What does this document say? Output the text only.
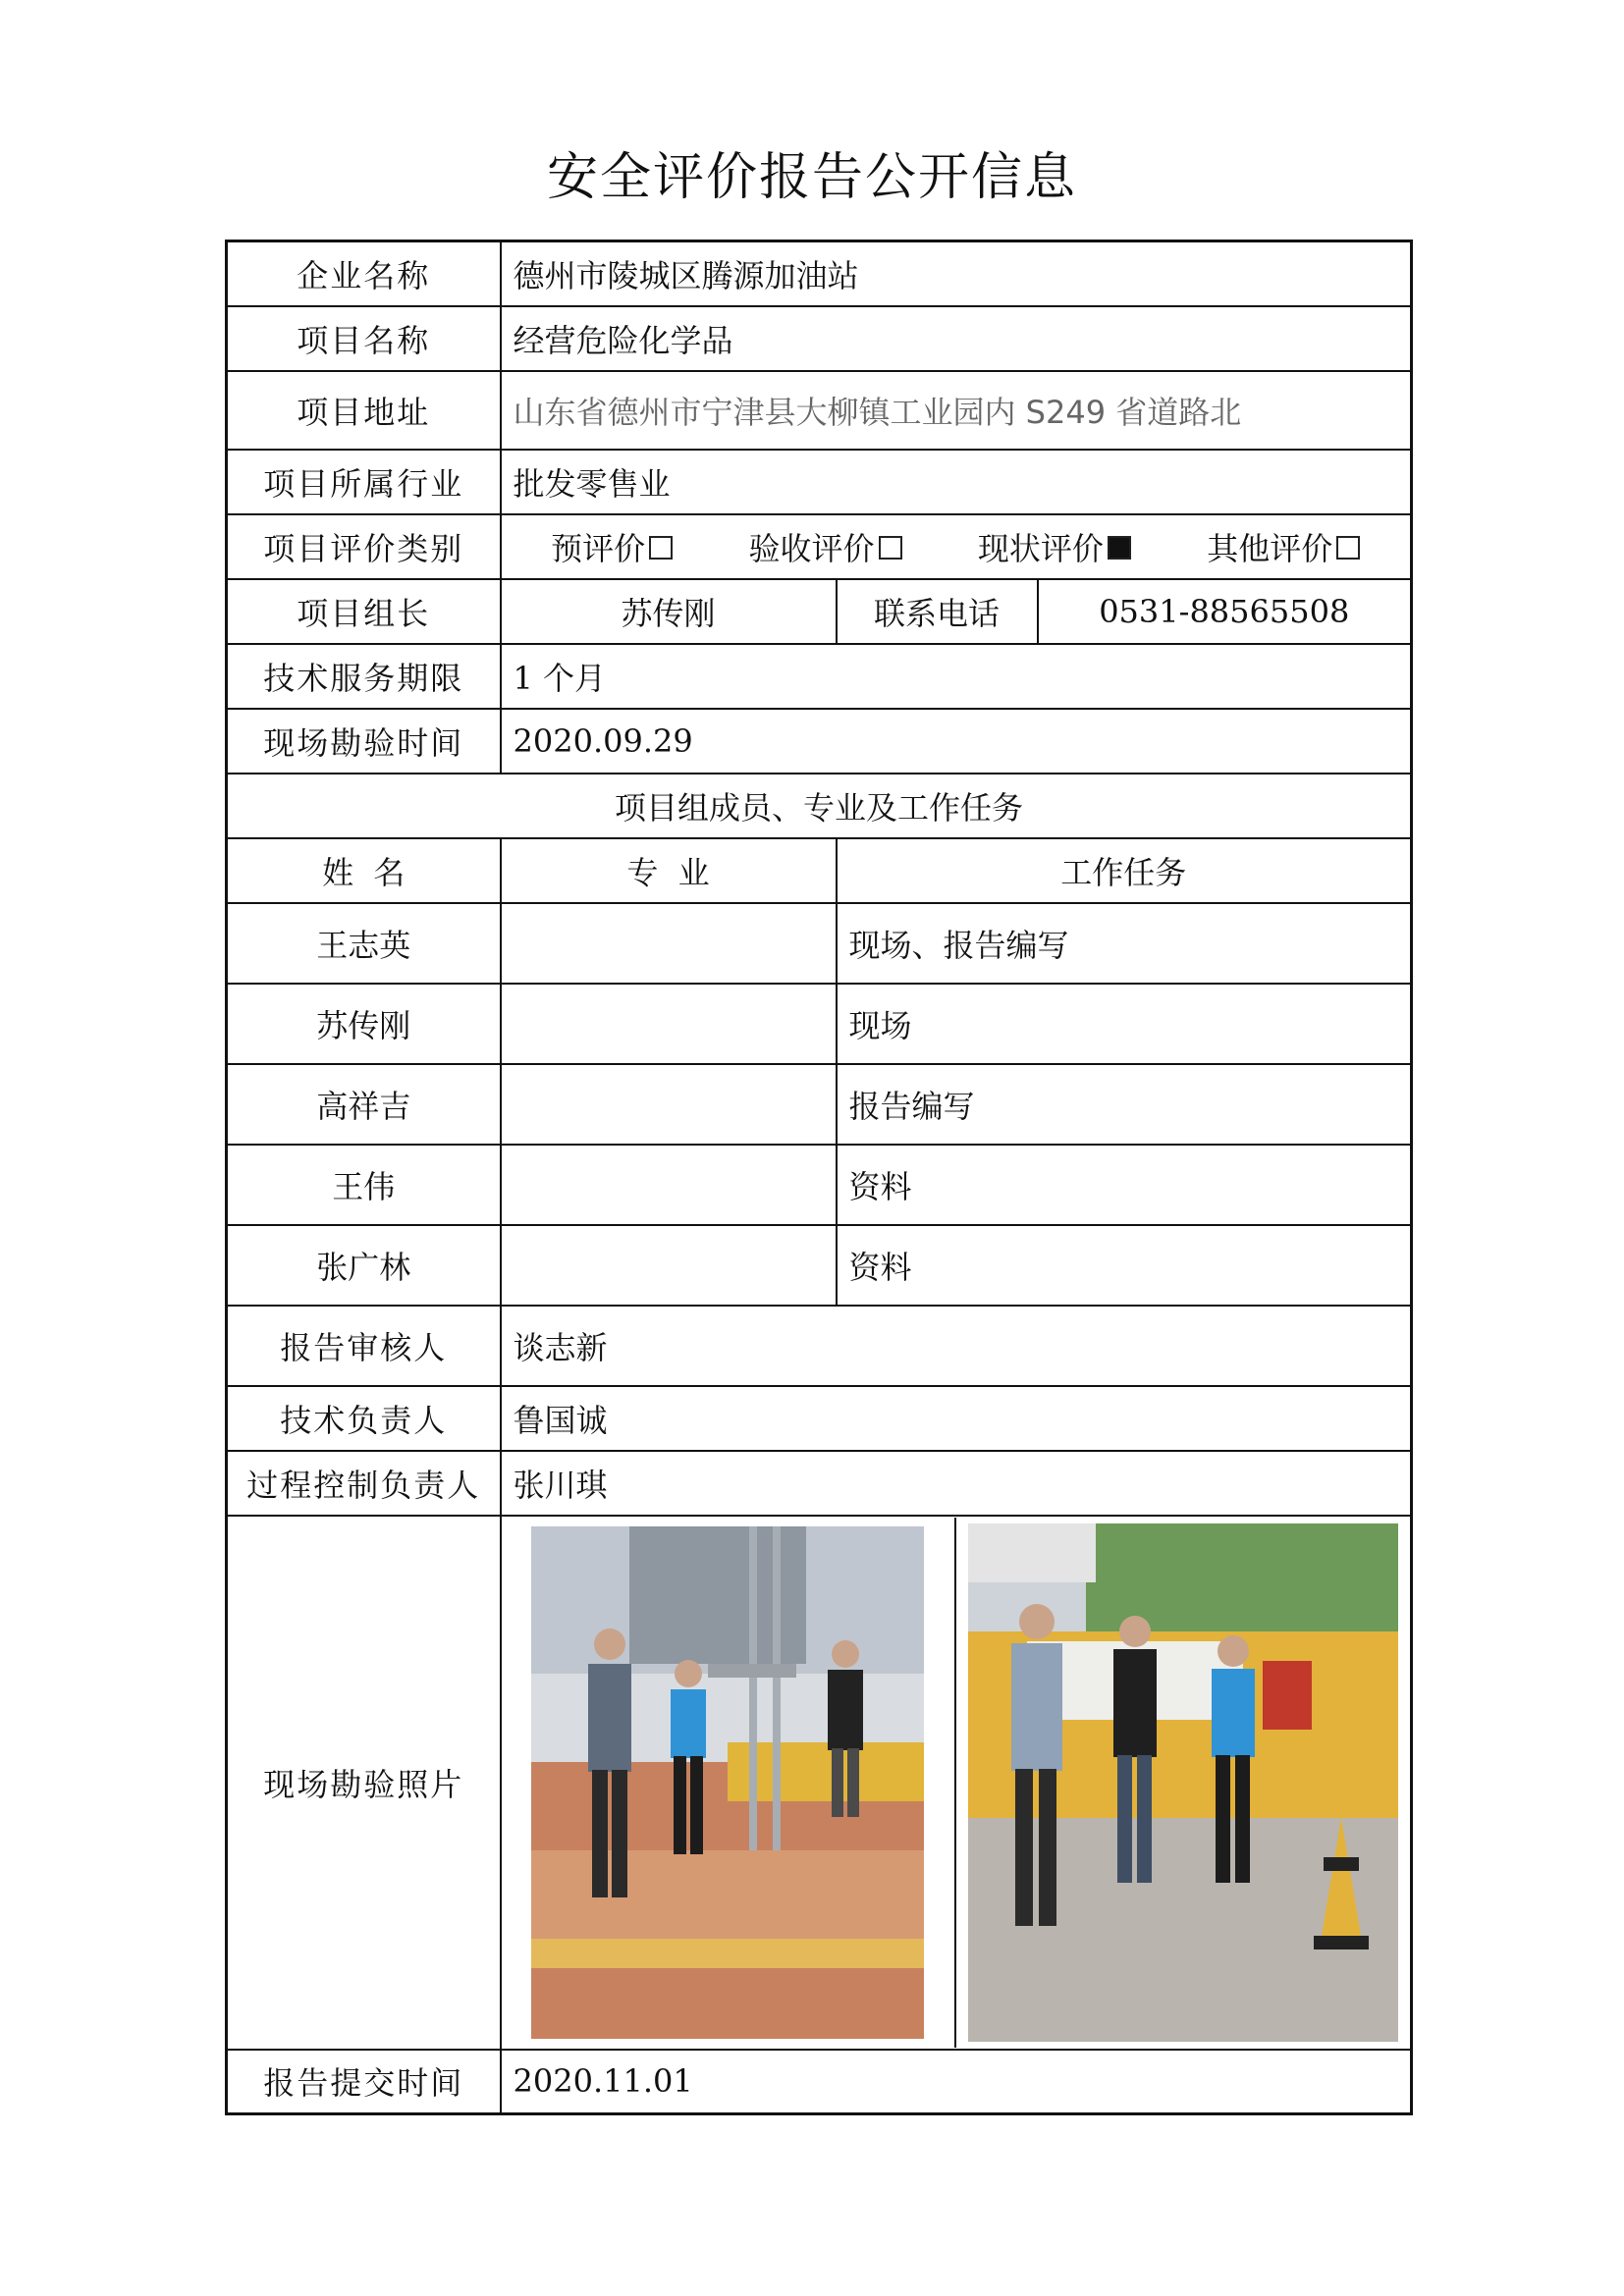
安全评价报告公开信息
企业名称	德州市陵城区腾源加油站		
项目名称	经营危险化学品		
项目地址	山东省德州市宁津县大柳镇工业园内 S249 省道路北		
项目所属行业	批发零售业		
项目评价类别	预评价 验收评价 现状评价 其他评价		

项目组长	苏传刚	联系电话	0531-88565508
技术服务期限	1 个月		
现场勘验时间	2020.09.29		
项目组成员、专业及工作任务			
姓  名	专  业	工作任务	
王志英		现场、报告编写	
苏传刚		现场	
高祥吉		报告编写	
王伟		资料	
张广林		资料	
报告审核人	谈志新		
技术负责人	鲁国诚		
过程控制负责人	张川琪		
现场勘验照片	

报告提交时间	2020.11.01		
